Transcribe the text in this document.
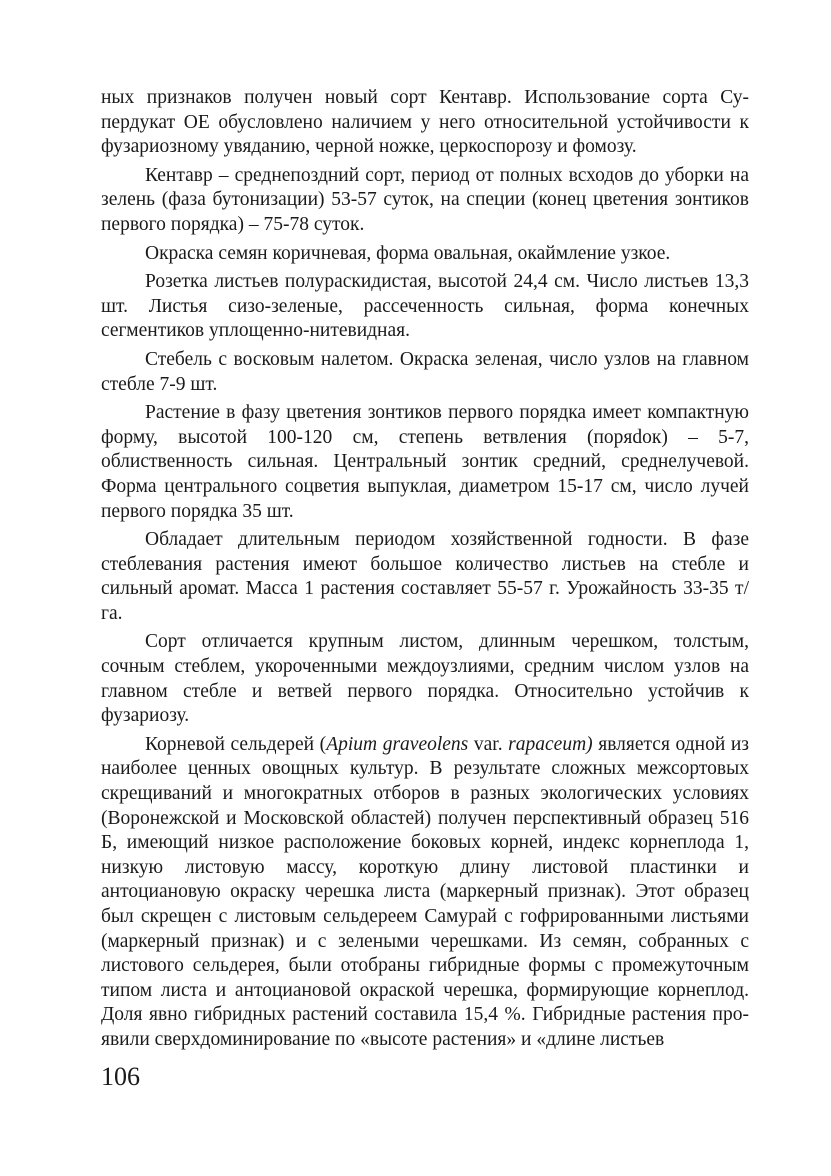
ных признаков получен новый сорт Кентавр. Использование сорта Супердукат ОЕ обусловлено наличием у него относительной устойчивости к фузариозному увяданию, черной ножке, церкоспорозу и фомозу.

Кентавр – среднепоздний сорт, период от полных всходов до уборки на зелень (фаза бутонизации) 53-57 суток, на специи (конец цветения зонтиков первого порядка) – 75-78 суток.

Окраска семян коричневая, форма овальная, окаймление узкое.

Розетка листьев полураскидистая, высотой 24,4 см. Число листьев 13,3 шт. Листья сизо-зеленые, рассеченность сильная, форма конечных сегментиков уплощенно-нитевидная.

Стебель с восковым налетом. Окраска зеленая, число узлов на главном стебле 7-9 шт.

Растение в фазу цветения зонтиков первого порядка имеет компактную форму, высотой 100-120 см, степень ветвления (поряdок) – 5-7, облиственность сильная. Центральный зонтик средний, среднелучевой. Форма центрального соцветия выпуклая, диаметром 15-17 см, число лучей первого порядка 35 шт.

Обладает длительным периодом хозяйственной годности. В фазе стеблевания растения имеют большое количество листьев на стебле и сильный аромат. Масса 1 растения составляет 55-57 г. Урожайность 33-35 т/га.

Сорт отличается крупным листом, длинным черешком, толстым, сочным стеблем, укороченными междоузлиями, средним числом узлов на главном стебле и ветвей первого порядка. Относительно устойчив к фузариозу.

Корневой сельдерей (Apium graveolens var. rapaceum) является одной из наиболее ценных овощных культур. В результате сложных межсортовых скрещиваний и многократных отборов в разных экологических условиях (Воронежской и Московской областей) получен перспективный образец 516 Б, имеющий низкое расположение боковых корней, индекс корнеплода 1, низкую листовую массу, короткую длину листовой пластинки и антоциановую окраску черешка листа (маркерный признак). Этот образец был скрещен с листовым сельдереем Самурай с гофрированными листьями (маркерный признак) и с зелеными черешками. Из семян, собранных с листового сельдерея, были отобраны гибридные формы с промежуточным типом листа и антоциановой окраской черешка, формирующие корнеплод. Доля явно гибридных растений составила 15,4 %. Гибридные растения проявили сверхдоминирование по «высоте растения» и «длине листьев

106
